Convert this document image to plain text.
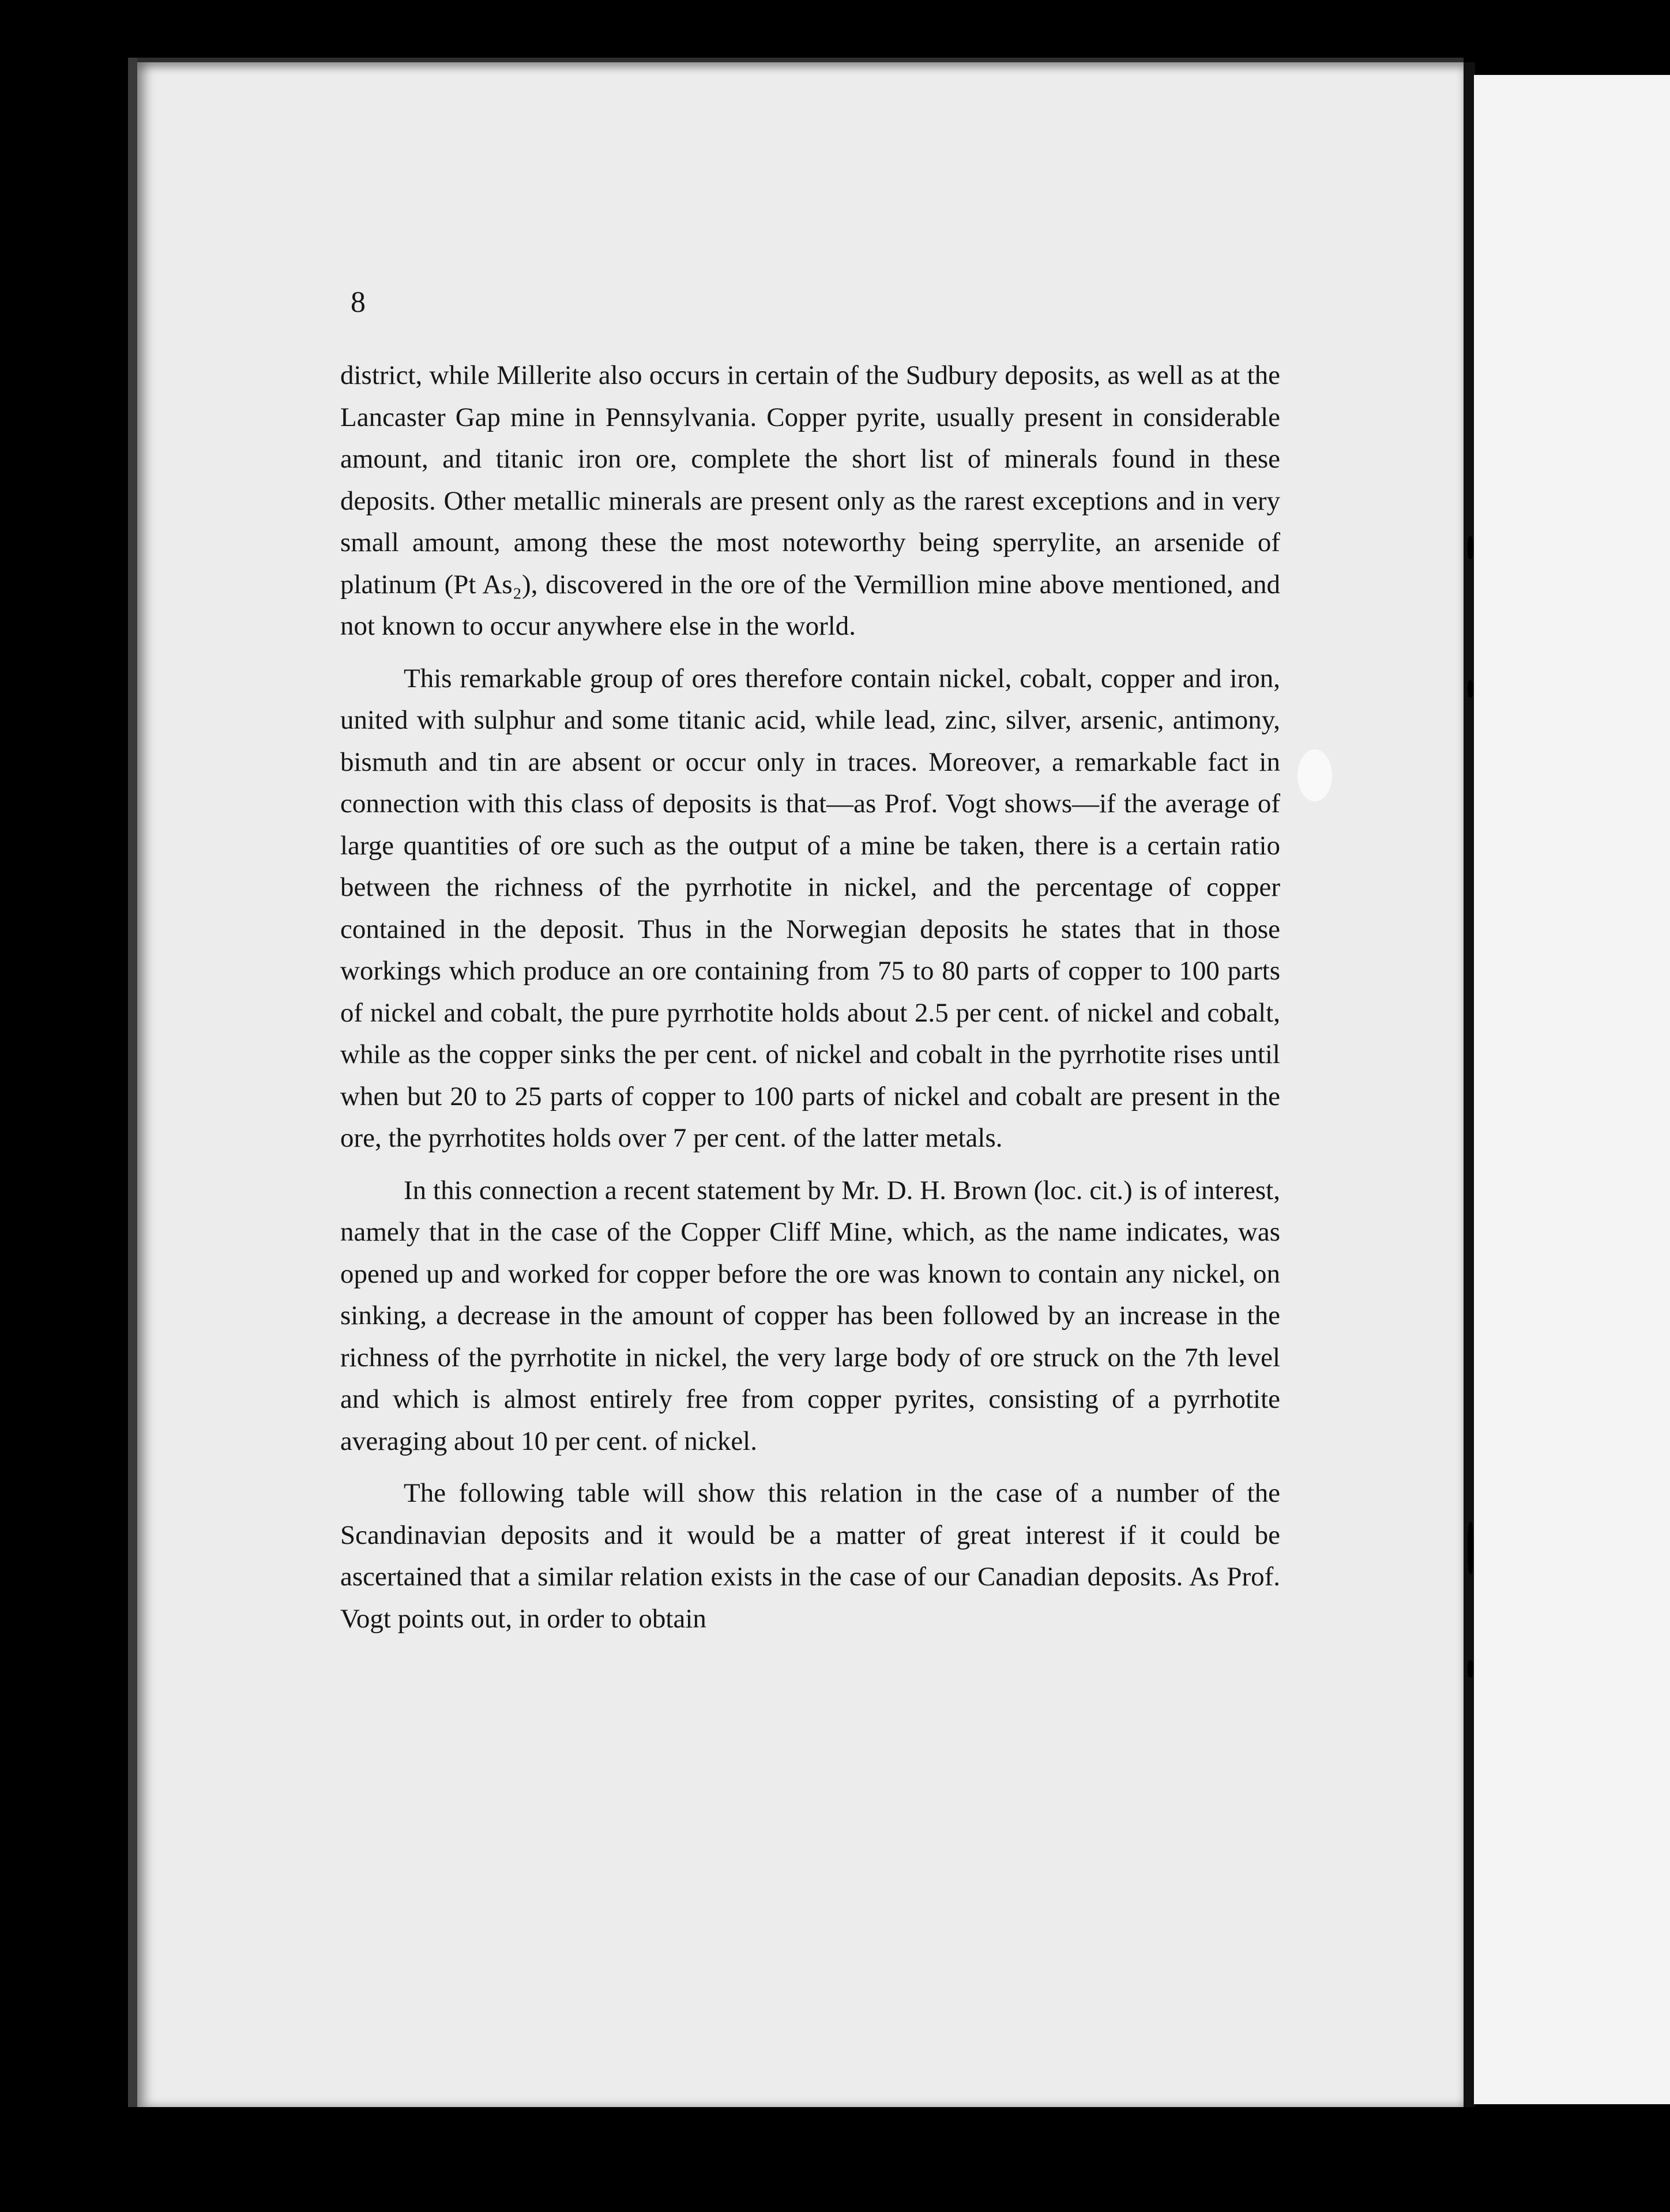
8

district, while Millerite also occurs in certain of the Sudbury deposits, as well as at the Lancaster Gap mine in Pennsylvania. Copper pyrite, usually present in considerable amount, and titanic iron ore, complete the short list of minerals found in these deposits. Other metallic minerals are present only as the rarest exceptions and in very small amount, among these the most noteworthy being sperrylite, an arsenide of platinum (Pt As₂), discovered in the ore of the Vermillion mine above mentioned, and not known to occur anywhere else in the world.

This remarkable group of ores therefore contain nickel, cobalt, copper and iron, united with sulphur and some titanic acid, while lead, zinc, silver, arsenic, antimony, bismuth and tin are absent or occur only in traces. Moreover, a remarkable fact in connection with this class of deposits is that—as Prof. Vogt shows—if the average of large quantities of ore such as the output of a mine be taken, there is a certain ratio between the richness of the pyrrhotite in nickel, and the percentage of copper contained in the deposit. Thus in the Norwegian deposits he states that in those workings which produce an ore containing from 75 to 80 parts of copper to 100 parts of nickel and cobalt, the pure pyrrhotite holds about 2.5 per cent. of nickel and cobalt, while as the copper sinks the per cent. of nickel and cobalt in the pyrrhotite rises until when but 20 to 25 parts of copper to 100 parts of nickel and cobalt are present in the ore, the pyrrhotites holds over 7 per cent. of the latter metals.

In this connection a recent statement by Mr. D. H. Brown (loc. cit.) is of interest, namely that in the case of the Copper Cliff Mine, which, as the name indicates, was opened up and worked for copper before the ore was known to contain any nickel, on sinking, a decrease in the amount of copper has been followed by an increase in the richness of the pyrrhotite in nickel, the very large body of ore struck on the 7th level and which is almost entirely free from copper pyrites, consisting of a pyrrhotite averaging about 10 per cent. of nickel.

The following table will show this relation in the case of a number of the Scandinavian deposits and it would be a matter of great interest if it could be ascertained that a similar relation exists in the case of our Canadian deposits. As Prof. Vogt points out, in order to obtain
